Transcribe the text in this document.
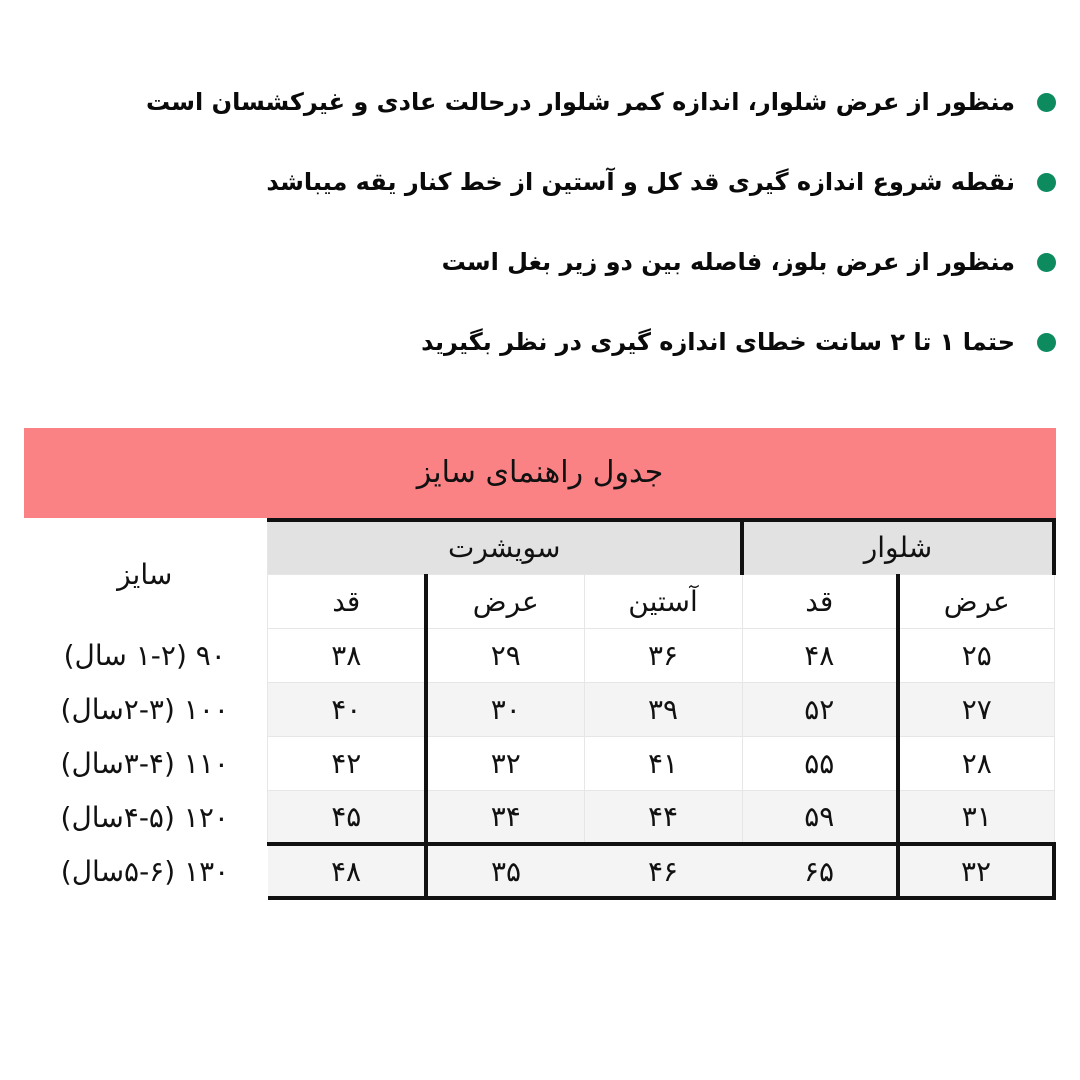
منظور از عرض شلوار، اندازه کمر شلوار درحالت عادی و غیرکشسان است
نقطه شروع اندازه گیری قد کل و آستین از خط کنار یقه میباشد
منظور از عرض بلوز، فاصله بین دو زیر بغل است
حتما ۱ تا ۲ سانت خطای اندازه گیری در نظر بگیرید
جدول راهنمای سایز
شلوار		سویشرت			سایز
عرض	قد	آستین	عرض	قد	
۲۵	۴۸	۳۶	۲۹	۳۸	۹۰ (۱-۲ سال)
۲۷	۵۲	۳۹	۳۰	۴۰	۱۰۰ (۲-۳سال)
۲۸	۵۵	۴۱	۳۲	۴۲	۱۱۰ (۳-۴سال)
۳۱	۵۹	۴۴	۳۴	۴۵	۱۲۰ (۴-۵سال)
۳۲	۶۵	۴۶	۳۵	۴۸	۱۳۰ (۵-۶سال)
